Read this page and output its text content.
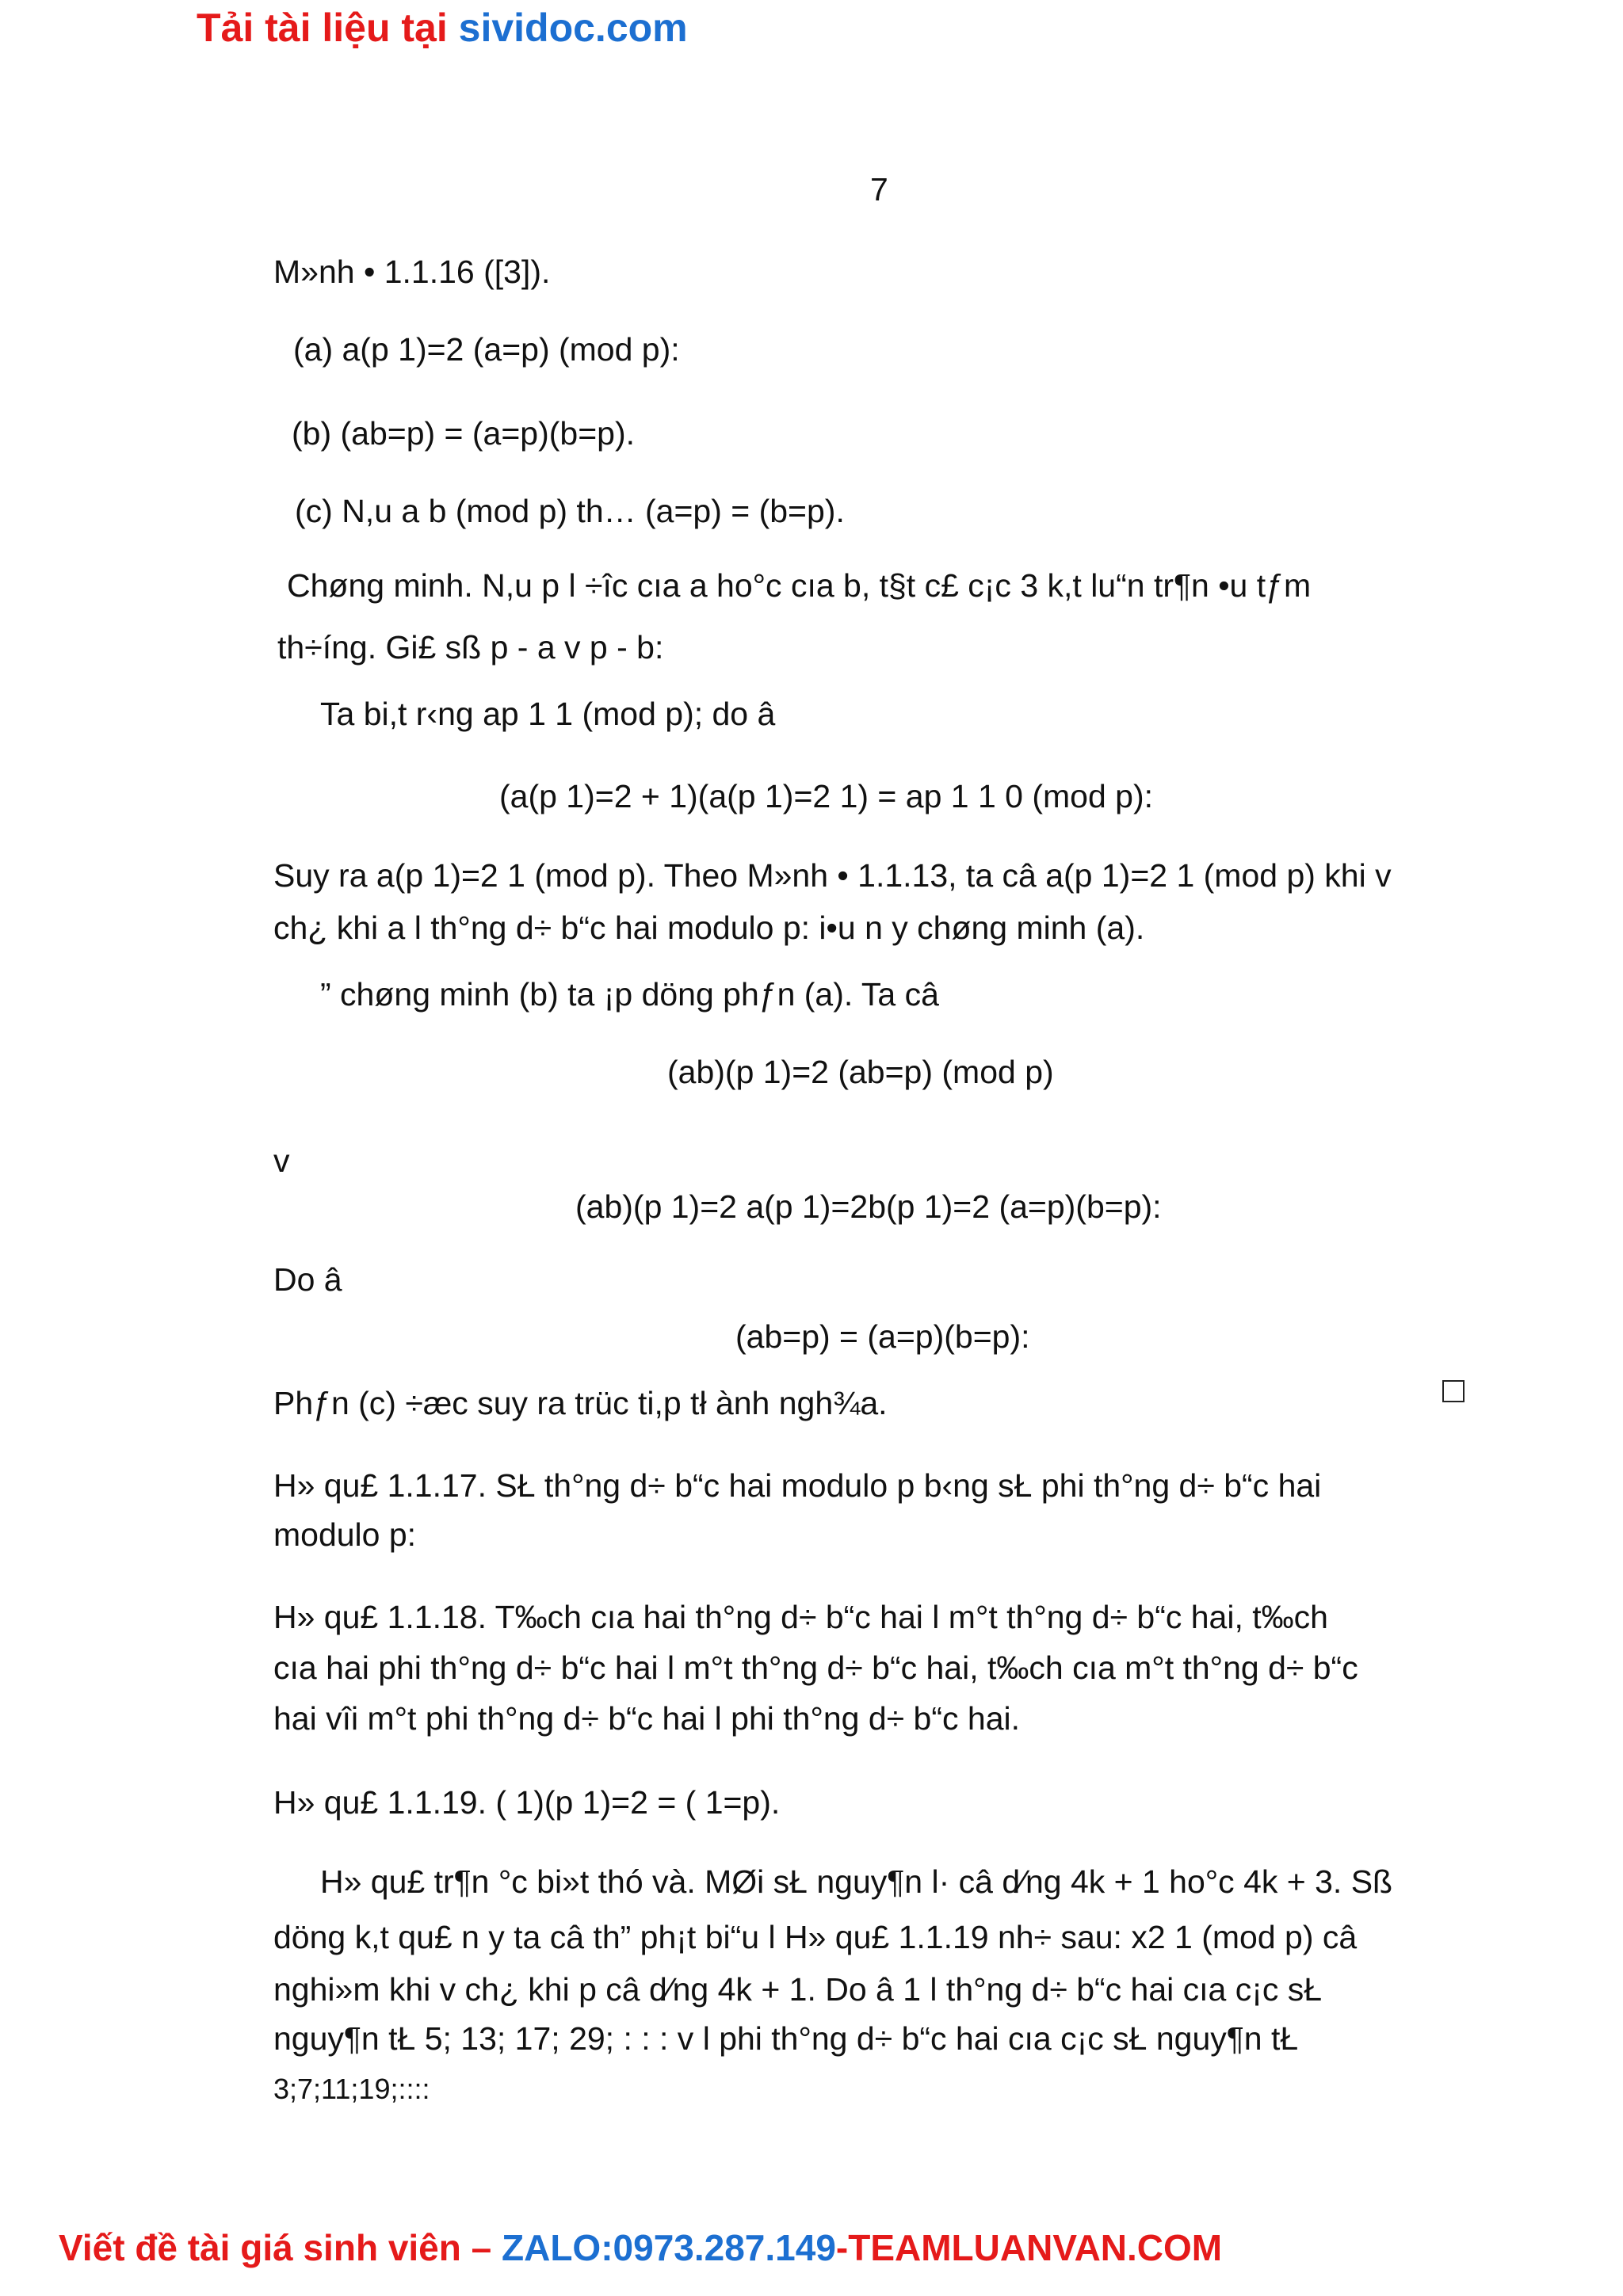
Tải tài liệu tại sividoc.com
7
M»nh • 1.1.16 ([3]).
(a) a(p 1)=2 (a=p) (mod p):
(b) (ab=p) = (a=p)(b=p).
(c) N,u a b (mod p) th… (a=p) = (b=p).
Chøng minh. N,u p l ÷îc cıa a ho°c cıa b, t§t c£ c¡c 3 k,t lu“n tr¶n •u tƒm
th÷íng. Gi£ sß p - a v p - b:
Ta bi,t r‹ng ap 1 1 (mod p); do â
(a(p 1)=2 + 1)(a(p 1)=2 1) = ap 1 1 0 (mod p):
Suy ra a(p 1)=2 1 (mod p). Theo M»nh • 1.1.13, ta câ a(p 1)=2 1 (mod p) khi v
ch¿ khi a l th°ng d÷ b“c hai modulo p: i•u n y chøng minh (a).
” chøng minh (b) ta ¡p döng phƒn (a). Ta câ
(ab)(p 1)=2 (ab=p) (mod p)
v
(ab)(p 1)=2 a(p 1)=2b(p 1)=2 (a=p)(b=p):
Do â
(ab=p) = (a=p)(b=p):
Phƒn (c) ÷æc suy ra trüc ti,p tł ành ngh¾a.
H» qu£ 1.1.17. SŁ th°ng d÷ b“c hai modulo p b‹ng sŁ phi th°ng d÷ b“c hai
modulo p:
H» qu£ 1.1.18. T‰ch cıa hai th°ng d÷ b“c hai l m°t th°ng d÷ b“c hai, t‰ch
cıa hai phi th°ng d÷ b“c hai l m°t th°ng d÷ b“c hai, t‰ch cıa m°t th°ng d÷ b“c
hai vîi m°t phi th°ng d÷ b“c hai l phi th°ng d÷ b“c hai.
H» qu£ 1.1.19. ( 1)(p 1)=2 = ( 1=p).
H» qu£ tr¶n °c bi»t thó và. MØi sŁ nguy¶n l· câ d⁄ng 4k + 1 ho°c 4k + 3. Sß
döng k,t qu£ n y ta câ th” ph¡t bi“u l H» qu£ 1.1.19 nh÷ sau: x2 1 (mod p) câ
nghi»m khi v ch¿ khi p câ d⁄ng 4k + 1. Do â 1 l th°ng d÷ b“c hai cıa c¡c sŁ
nguy¶n tŁ 5; 13; 17; 29; : : : v l phi th°ng d÷ b“c hai cıa c¡c sŁ nguy¶n tŁ
3;7;11;19;::::
Viết đề tài giá sinh viên – ZALO:0973.287.149-TEAMLUANVAN.COM
